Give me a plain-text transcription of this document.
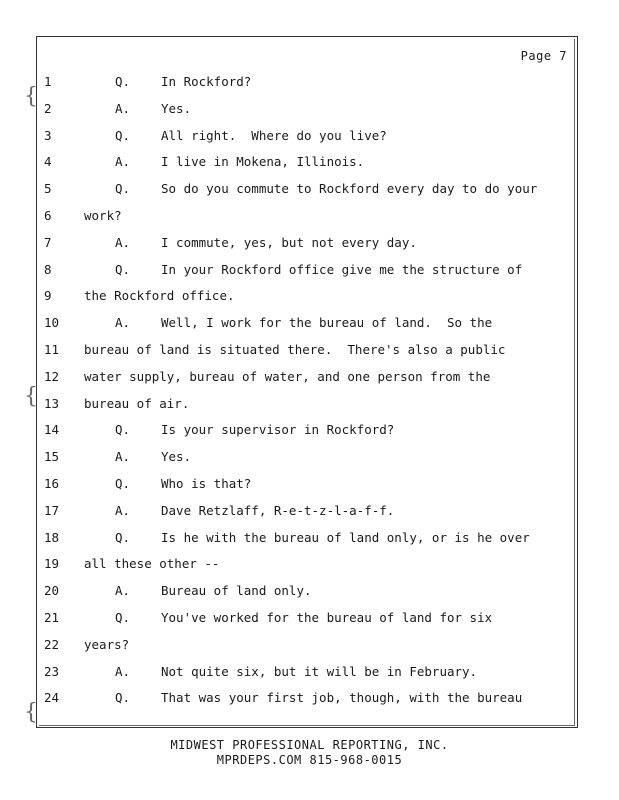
{
{
{
Page 7
1	Q. In Rockford?
2	A. Yes.
3	Q. All right.  Where do you live?
4	A. I live in Mokena, Illinois.
5	Q. So do you commute to Rockford every day to do your
6	work?
7	A. I commute, yes, but not every day.
8	Q. In your Rockford office give me the structure of
9	the Rockford office.
10	A. Well, I work for the bureau of land.  So the
11	bureau of land is situated there.  There's also a public
12	water supply, bureau of water, and one person from the
13	bureau of air.
14	Q. Is your supervisor in Rockford?
15	A. Yes.
16	Q. Who is that?
17	A. Dave Retzlaff, R-e-t-z-l-a-f-f.
18	Q. Is he with the bureau of land only, or is he over
19	all these other --
20	A. Bureau of land only.
21	Q. You've worked for the bureau of land for six
22	years?
23	A. Not quite six, but it will be in February.
24	Q. That was your first job, though, with the bureau
MIDWEST PROFESSIONAL REPORTING, INC.
MPRDEPS.COM 815-968-0015
